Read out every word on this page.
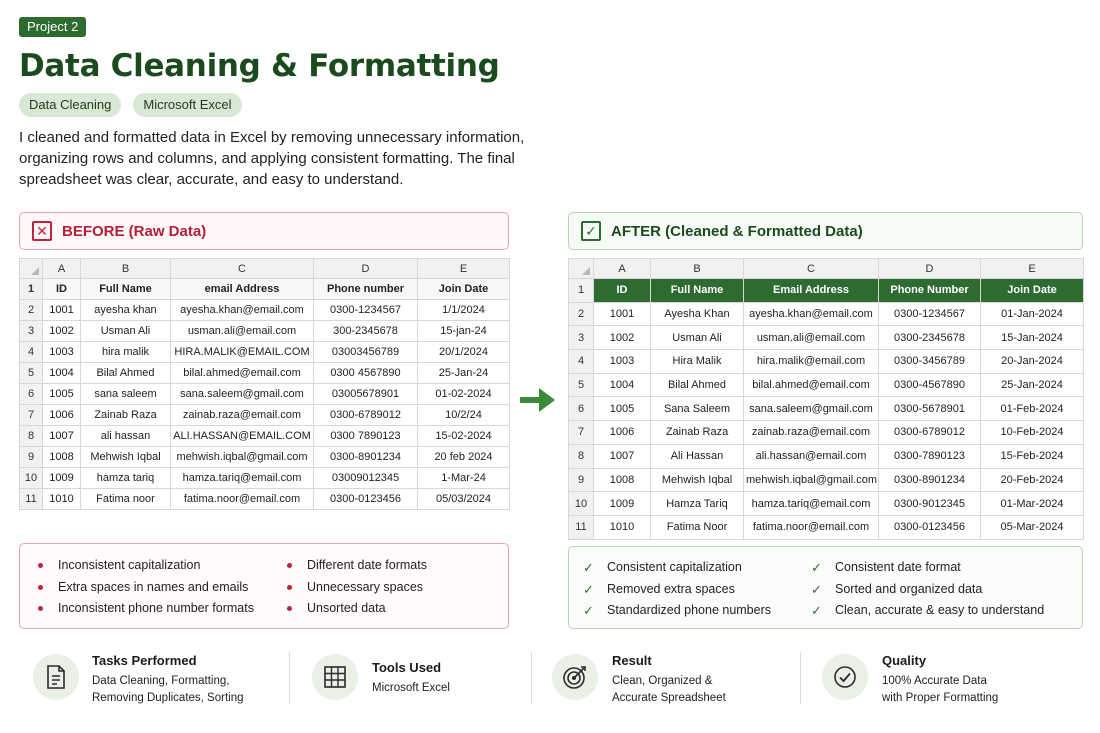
Project 2
Data Cleaning & Formatting
Data Cleaning	Microsoft Excel

I cleaned and formatted data in Excel by removing unnecessary information, organizing rows and columns, and applying consistent formatting. The final spreadsheet was clear, accurate, and easy to understand.

✕ BEFORE (Raw Data)	✓ AFTER (Cleaned & Formatted Data)
	A	B	C	D	E
1	ID	Full Name	email Address	Phone number	Join Date
2	1001	ayesha khan	ayesha.khan@email.com	0300-1234567	1/1/2024
3	1002	Usman Ali	usman.ali@email.com	300-2345678	15-jan-24
4	1003	hira malik	HIRA.MALIK@EMAIL.COM	03003456789	20/1/2024
5	1004	Bilal Ahmed	bilal.ahmed@email.com	0300 4567890	25-Jan-24
6	1005	sana saleem	sana.saleem@gmail.com	03005678901	01-02-2024
7	1006	Zainab Raza	zainab.raza@email.com	0300-6789012	10/2/24
8	1007	ali hassan	ALI.HASSAN@EMAIL.COM	0300 7890123	15-02-2024
9	1008	Mehwish Iqbal	mehwish.iqbal@gmail.com	0300-8901234	20 feb 2024
10	1009	hamza tariq	hamza.tariq@email.com	03009012345	1-Mar-24
11	1010	Fatima noor	fatima.noor@email.com	0300-0123456	05/03/2024
	A	B	C	D	E
1	ID	Full Name	Email Address	Phone Number	Join Date
2	1001	Ayesha Khan	ayesha.khan@email.com	0300-1234567	01-Jan-2024
3	1002	Usman Ali	usman.ali@email.com	0300-2345678	15-Jan-2024
4	1003	Hira Malik	hira.malik@email.com	0300-3456789	20-Jan-2024
5	1004	Bilal Ahmed	bilal.ahmed@email.com	0300-4567890	25-Jan-2024
6	1005	Sana Saleem	sana.saleem@gmail.com	0300-5678901	01-Feb-2024
7	1006	Zainab Raza	zainab.raza@email.com	0300-6789012	10-Feb-2024
8	1007	Ali Hassan	ali.hassan@email.com	0300-7890123	15-Feb-2024
9	1008	Mehwish Iqbal	mehwish.iqbal@gmail.com	0300-8901234	20-Feb-2024
10	1009	Hamza Tariq	hamza.tariq@email.com	0300-9012345	01-Mar-2024
11	1010	Fatima Noor	fatima.noor@email.com	0300-0123456	05-Mar-2024
Inconsistent capitalization
Extra spaces in names and emails
Inconsistent phone number formats
Different date formats
Unnecessary spaces
Unsorted data
✓ Consistent capitalization
✓ Removed extra spaces
✓ Standardized phone numbers
✓ Consistent date format
✓ Sorted and organized data
✓ Clean, accurate & easy to understand
Tasks Performed
Data Cleaning, Formatting,
Removing Duplicates, Sorting
Tools Used
Microsoft Excel
Result
Clean, Organized &
Accurate Spreadsheet
Quality
100% Accurate Data
with Proper Formatting
